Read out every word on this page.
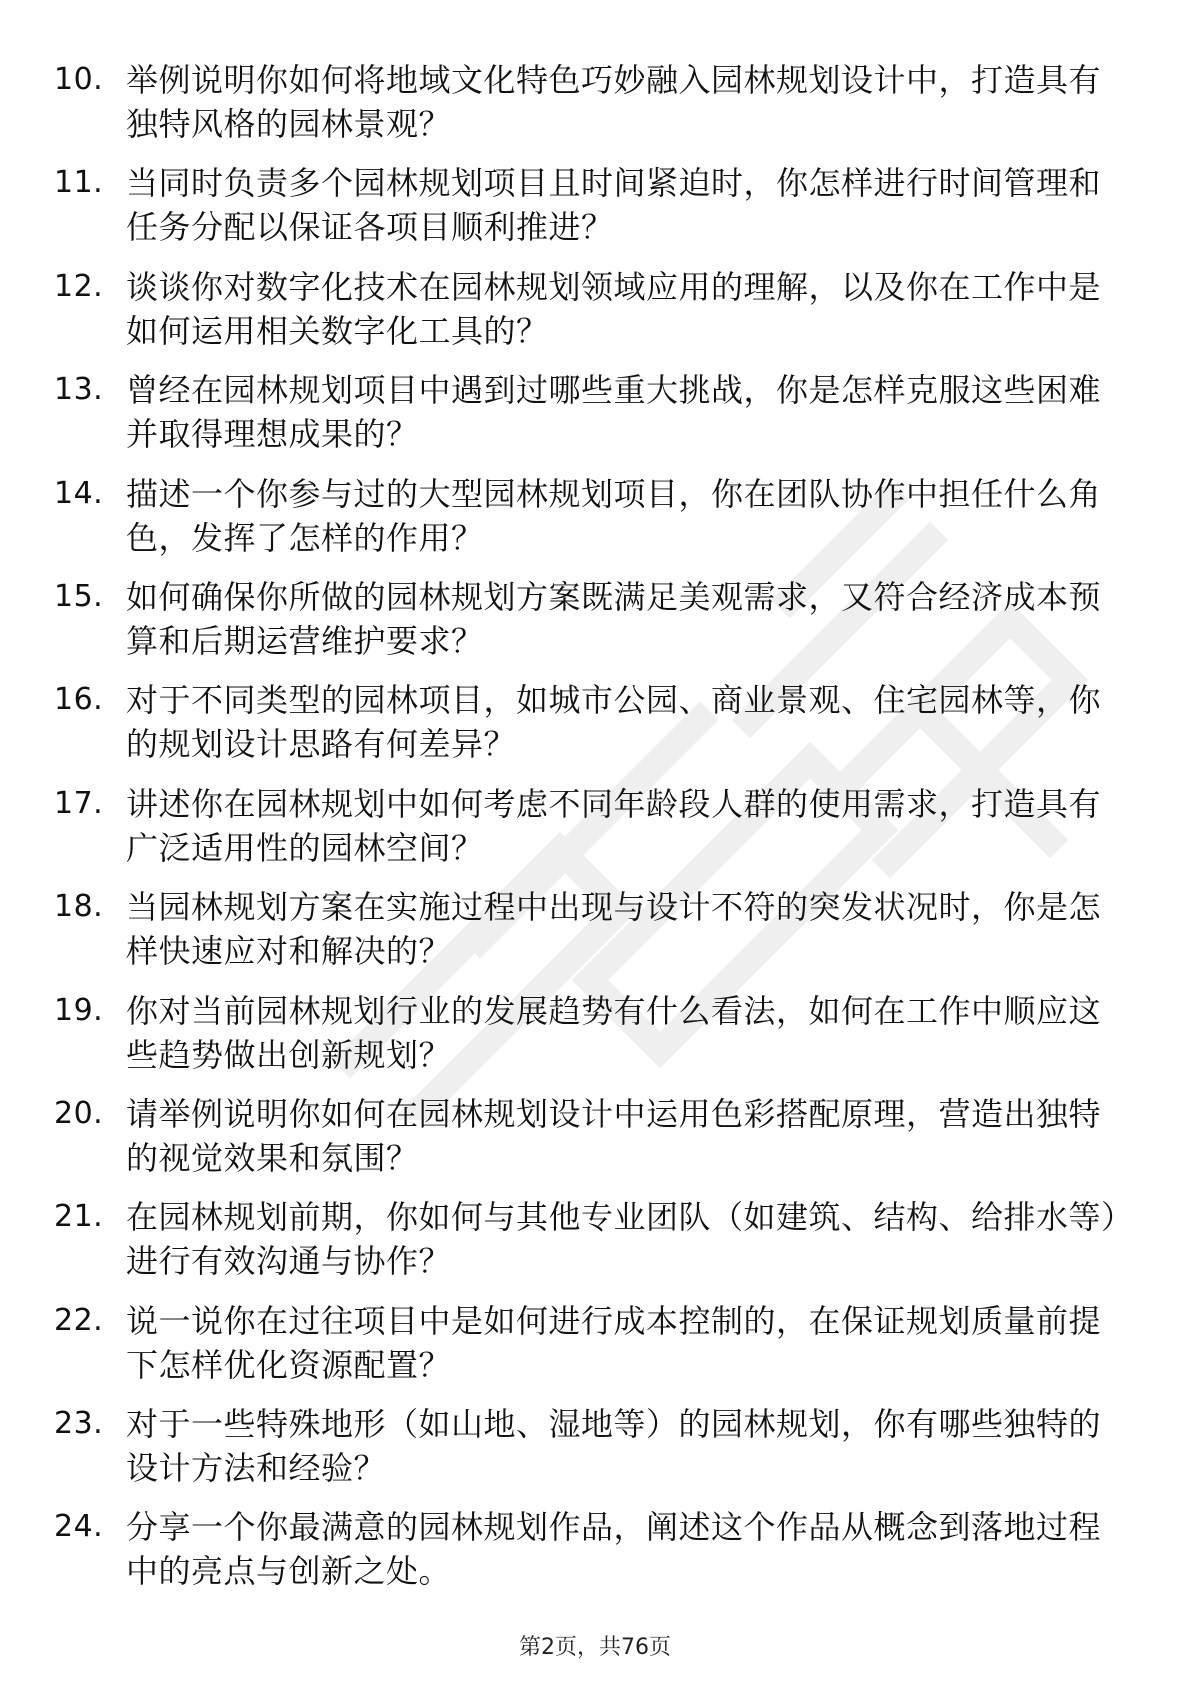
10. 举例说明你如何将地域文化特色巧妙融入园林规划设计中，打造具有独特风格的园林景观？
11. 当同时负责多个园林规划项目且时间紧迫时，你怎样进行时间管理和任务分配以保证各项目顺利推进？
12. 谈谈你对数字化技术在园林规划领域应用的理解，以及你在工作中是如何运用相关数字化工具的？
13. 曾经在园林规划项目中遇到过哪些重大挑战，你是怎样克服这些困难并取得理想成果的？
14. 描述一个你参与过的大型园林规划项目，你在团队协作中担任什么角色，发挥了怎样的作用？
15. 如何确保你所做的园林规划方案既满足美观需求，又符合经济成本预算和后期运营维护要求？
16. 对于不同类型的园林项目，如城市公园、商业景观、住宅园林等，你的规划设计思路有何差异？
17. 讲述你在园林规划中如何考虑不同年龄段人群的使用需求，打造具有广泛适用性的园林空间？
18. 当园林规划方案在实施过程中出现与设计不符的突发状况时，你是怎样快速应对和解决的？
19. 你对当前园林规划行业的发展趋势有什么看法，如何在工作中顺应这些趋势做出创新规划？
20. 请举例说明你如何在园林规划设计中运用色彩搭配原理，营造出独特的视觉效果和氛围？
21. 在园林规划前期，你如何与其他专业团队（如建筑、结构、给排水等）进行有效沟通与协作？
22. 说一说你在过往项目中是如何进行成本控制的，在保证规划质量前提下怎样优化资源配置？
23. 对于一些特殊地形（如山地、湿地等）的园林规划，你有哪些独特的设计方法和经验？
24. 分享一个你最满意的园林规划作品，阐述这个作品从概念到落地过程中的亮点与创新之处。
第2页，共76页
